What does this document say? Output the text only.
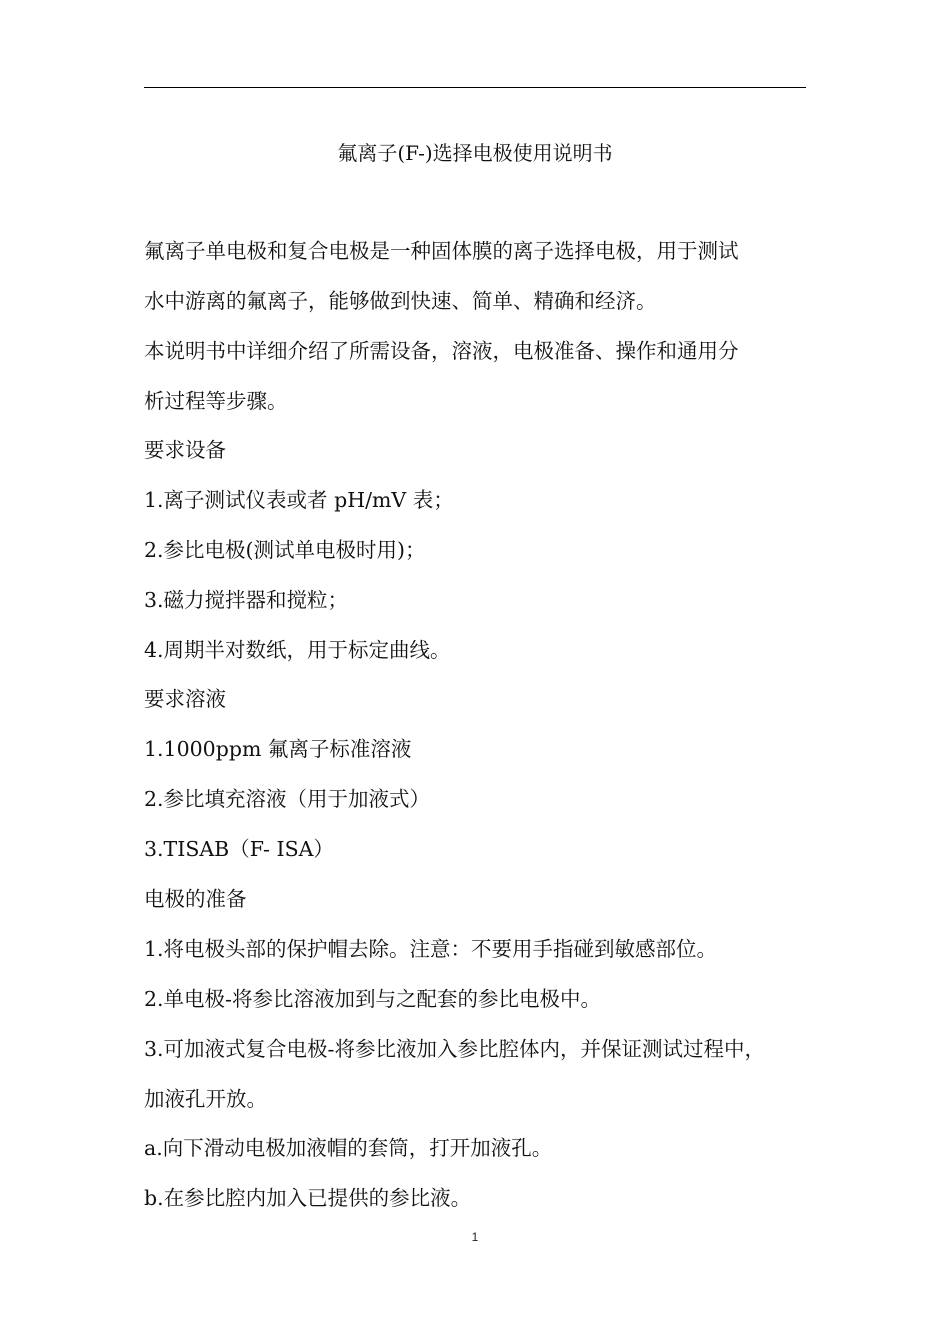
氟离子(F-)选择电极使用说明书
氟离子单电极和复合电极是一种固体膜的离子选择电极，用于测试
水中游离的氟离子，能够做到快速、简单、精确和经济。
本说明书中详细介绍了所需设备，溶液，电极准备、操作和通用分
析过程等步骤。
要求设备
1.离子测试仪表或者 pH/mV 表；
2.参比电极(测试单电极时用)；
3.磁力搅拌器和搅粒；
4.周期半对数纸，用于标定曲线。
要求溶液
1.1000ppm 氟离子标准溶液
2.参比填充溶液（用于加液式）
3.TISAB（F- ISA）
电极的准备
1.将电极头部的保护帽去除。注意：不要用手指碰到敏感部位。
2.单电极-将参比溶液加到与之配套的参比电极中。
3.可加液式复合电极-将参比液加入参比腔体内，并保证测试过程中，
加液孔开放。
a.向下滑动电极加液帽的套筒，打开加液孔。
b.在参比腔内加入已提供的参比液。
1
